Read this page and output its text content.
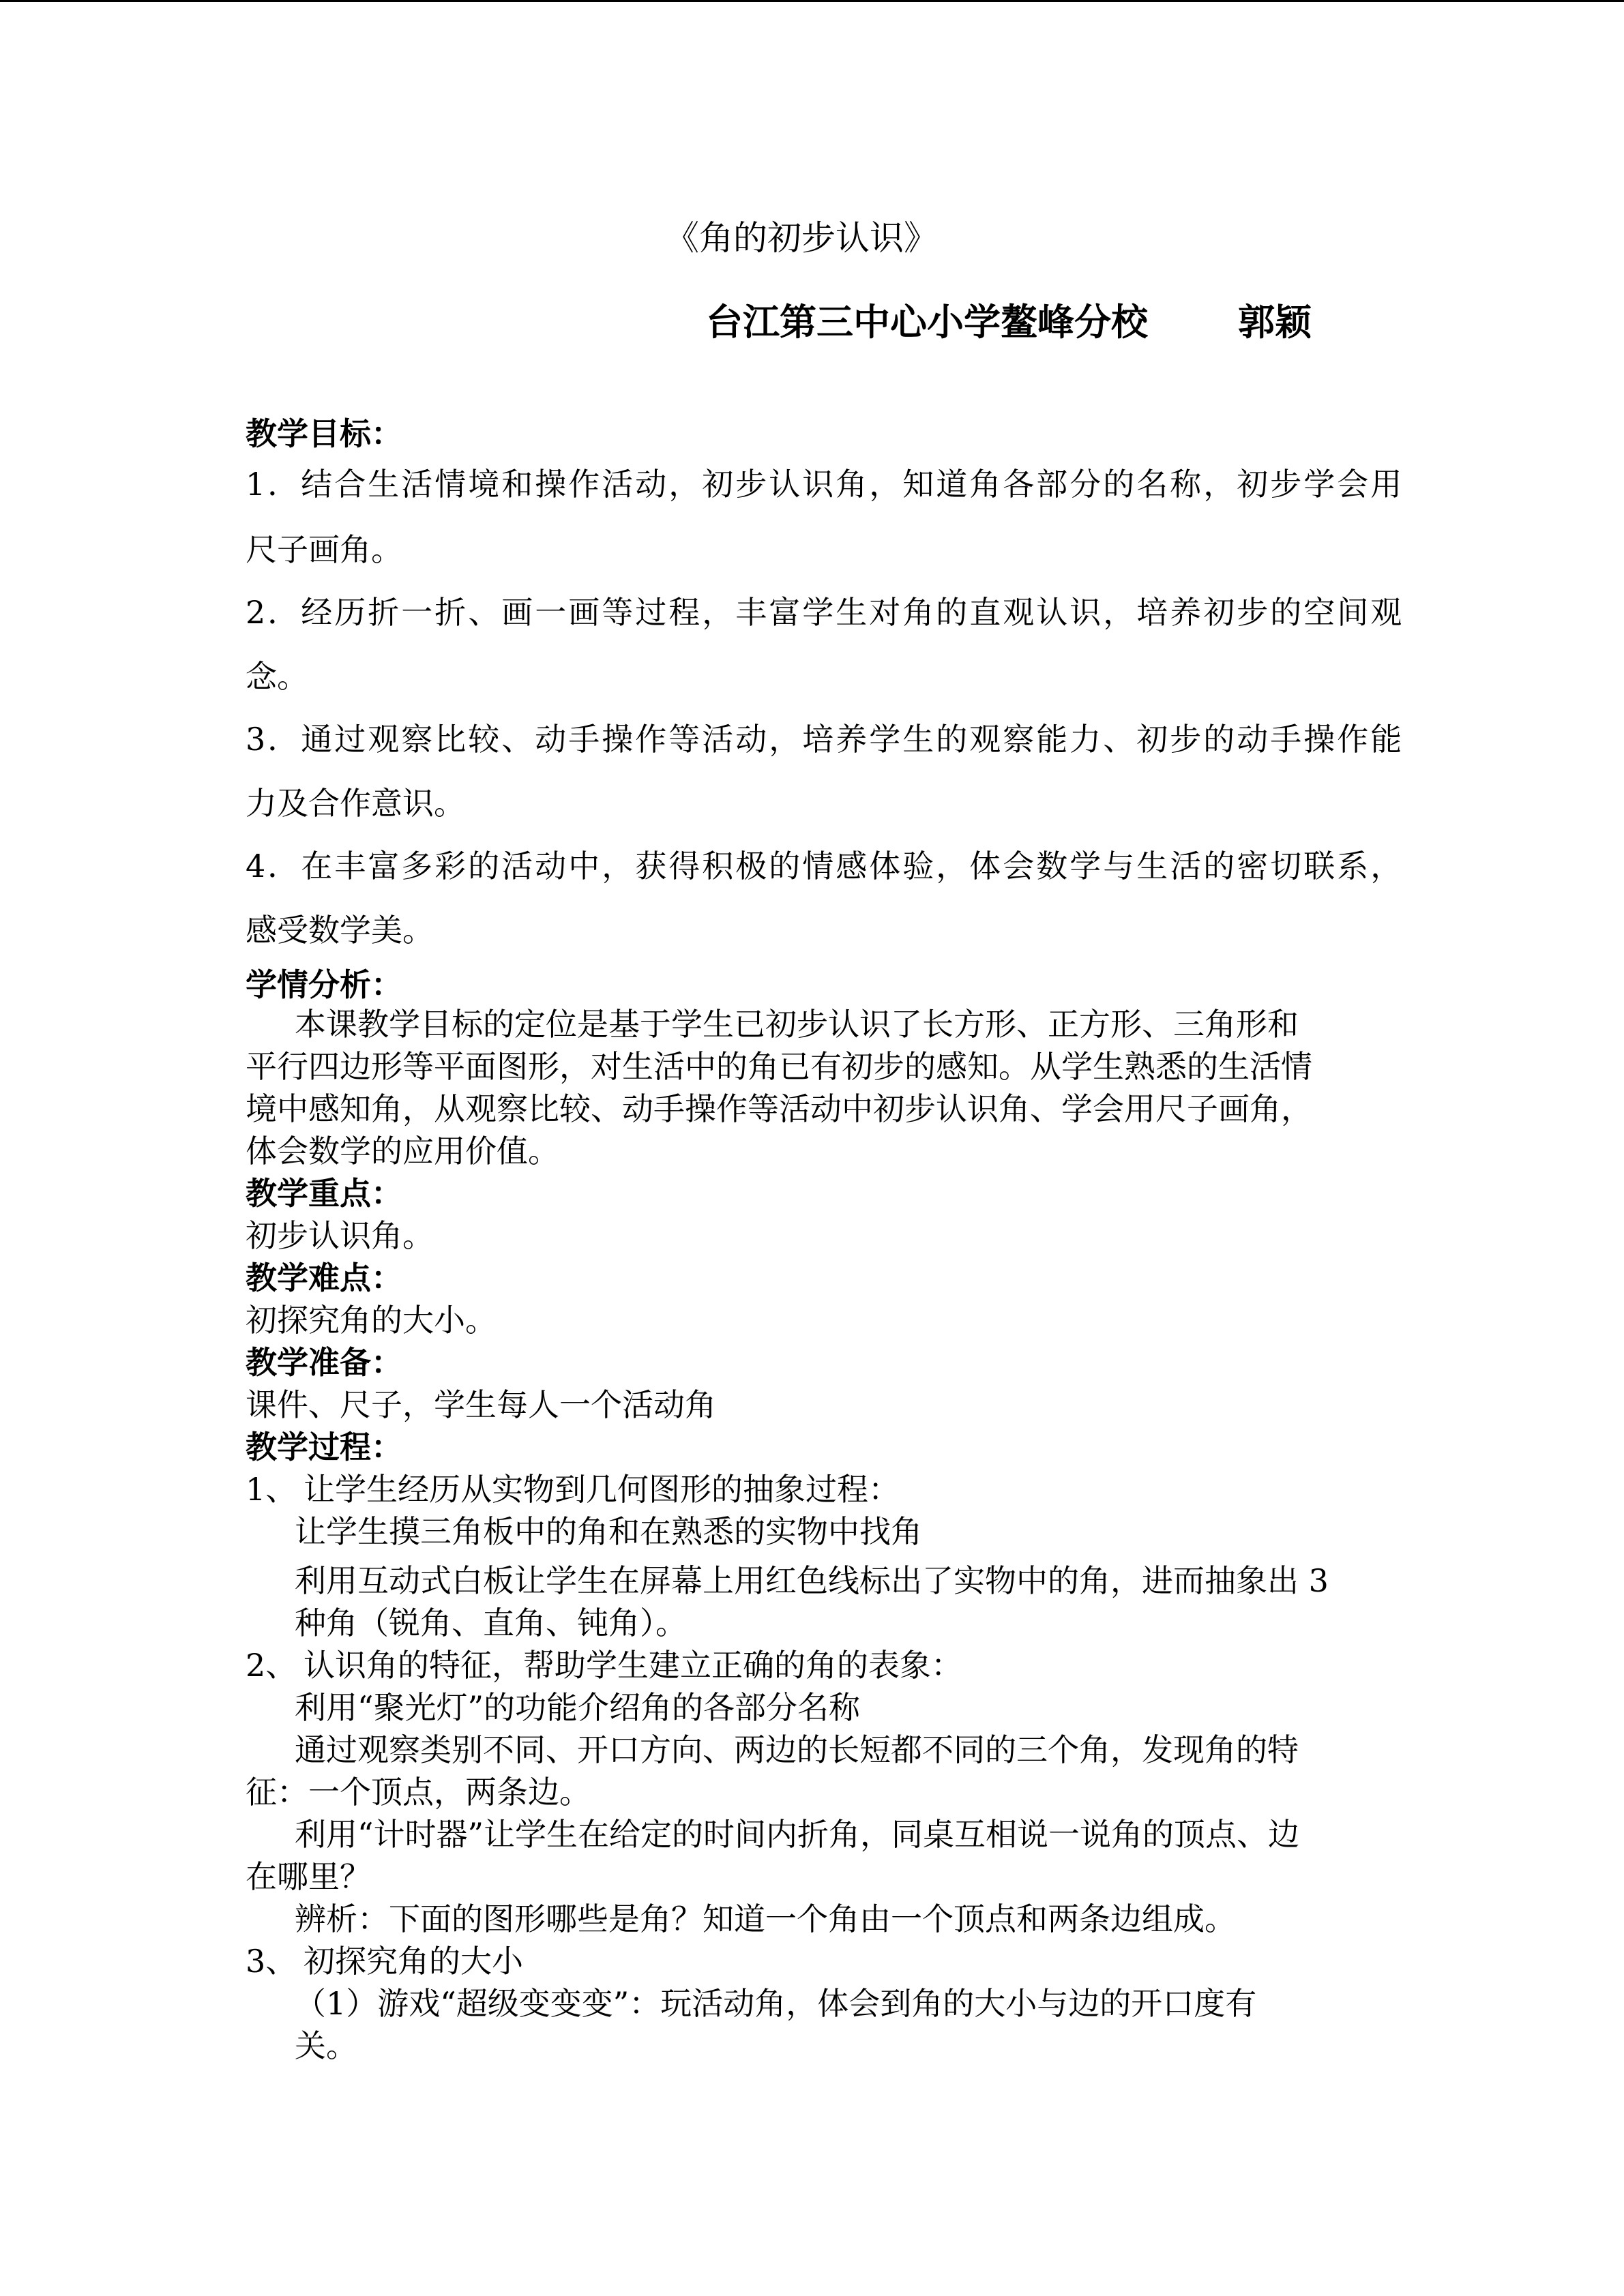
《角的初步认识》
台江第三中心小学鳌峰分校 郭颖
教学目标：
1．结合生活情境和操作活动，初步认识角，知道角各部分的名称，初步学会用
尺子画角。
2．经历折一折、画一画等过程，丰富学生对角的直观认识，培养初步的空间观
念。
3．通过观察比较、动手操作等活动，培养学生的观察能力、初步的动手操作能
力及合作意识。
4．在丰富多彩的活动中，获得积极的情感体验，体会数学与生活的密切联系，
感受数学美。
学情分析：
本课教学目标的定位是基于学生已初步认识了长方形、正方形、三角形和
平行四边形等平面图形，对生活中的角已有初步的感知。从学生熟悉的生活情
境中感知角，从观察比较、动手操作等活动中初步认识角、学会用尺子画角，
体会数学的应用价值。
教学重点：
初步认识角。
教学难点：
初探究角的大小。
教学准备：
课件、尺子，学生每人一个活动角
教学过程：
1、 让学生经历从实物到几何图形的抽象过程：
让学生摸三角板中的角和在熟悉的实物中找角
利用互动式白板让学生在屏幕上用红色线标出了实物中的角，进而抽象出 3
种角（锐角、直角、钝角）。
2、 认识角的特征，帮助学生建立正确的角的表象：
利用“聚光灯”的功能介绍角的各部分名称
通过观察类别不同、开口方向、两边的长短都不同的三个角，发现角的特
征：一个顶点，两条边。
利用“计时器”让学生在给定的时间内折角，同桌互相说一说角的顶点、边
在哪里？
辨析：下面的图形哪些是角？知道一个角由一个顶点和两条边组成。
3、 初探究角的大小
（1）游戏“超级变变变”：玩活动角，体会到角的大小与边的开口度有
关。
